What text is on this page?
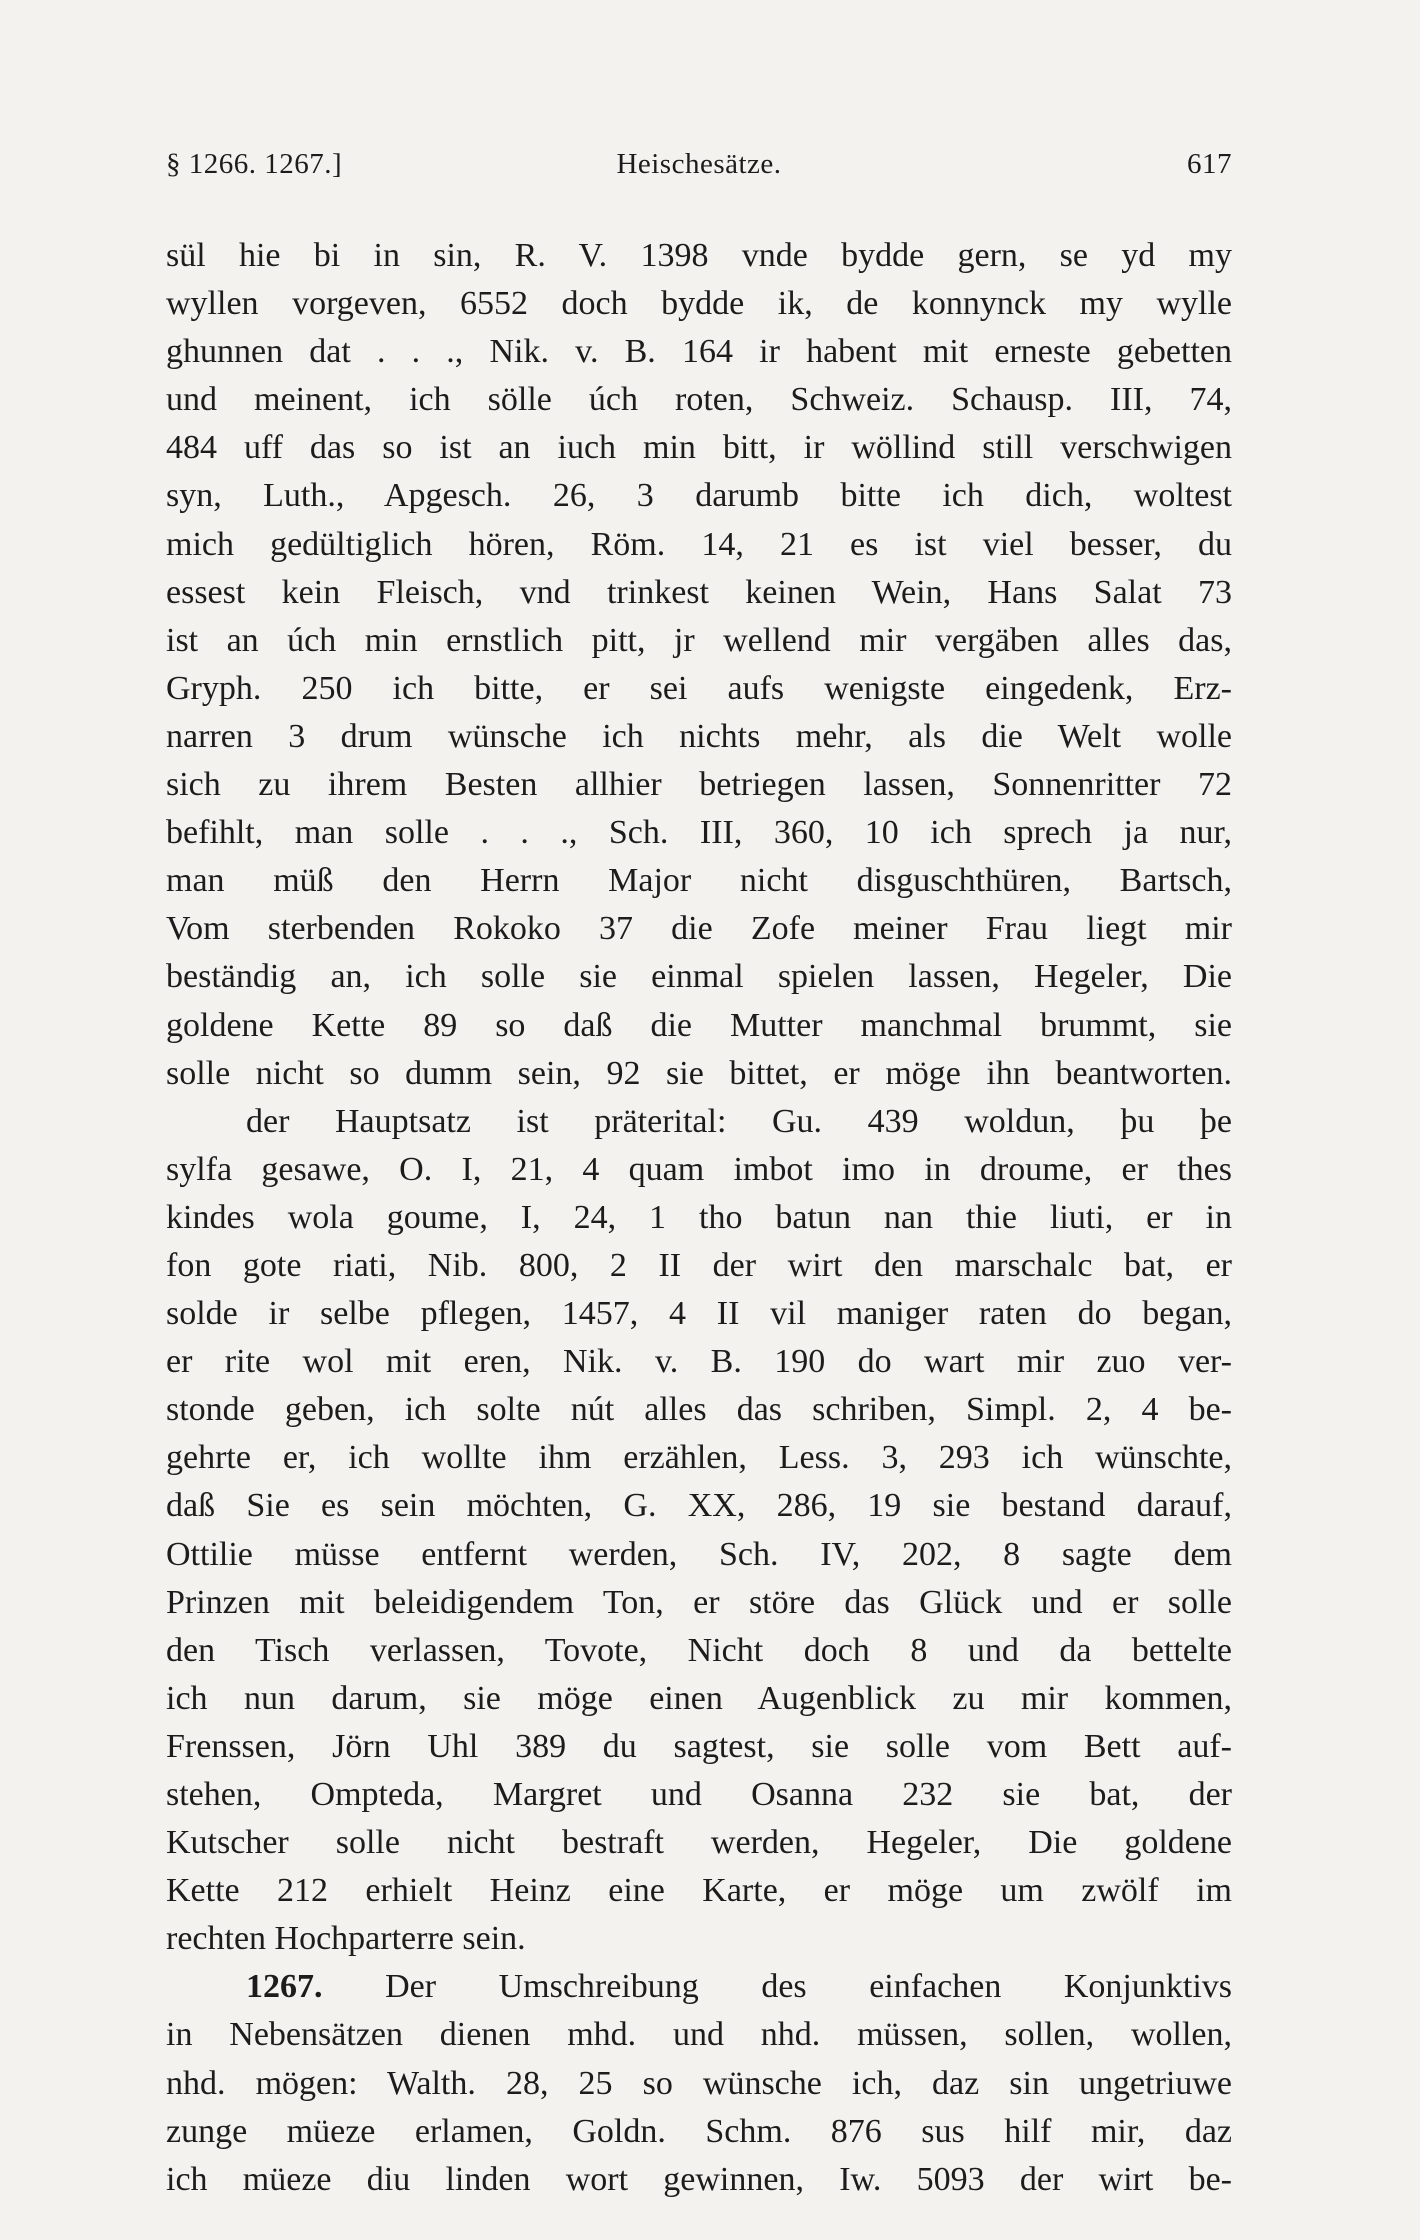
§ 1266. 1267.]	Heischesätze.	617
sül hie bi in sin, R. V. 1398 vnde bydde gern, se yd my
wyllen vorgeven, 6552 doch bydde ik, de konnynck my wylle
ghunnen dat . . ., Nik. v. B. 164 ir habent mit erneste gebetten
und meinent, ich sölle úch roten, Schweiz. Schausp. III, 74,
484 uff das so ist an iuch min bitt, ir wöllind still verschwigen
syn, Luth., Apgesch. 26, 3 darumb bitte ich dich, woltest
mich gedültiglich hören, Röm. 14, 21 es ist viel besser, du
essest kein Fleisch, vnd trinkest keinen Wein, Hans Salat 73
ist an úch min ernstlich pitt, jr wellend mir vergäben alles das,
Gryph. 250 ich bitte, er sei aufs wenigste eingedenk, Erz-
narren 3 drum wünsche ich nichts mehr, als die Welt wolle
sich zu ihrem Besten allhier betriegen lassen, Sonnenritter 72
befihlt, man solle . . ., Sch. III, 360, 10 ich sprech ja nur,
man müß den Herrn Major nicht disguschthüren, Bartsch,
Vom sterbenden Rokoko 37 die Zofe meiner Frau liegt mir
beständig an, ich solle sie einmal spielen lassen, Hegeler, Die
goldene Kette 89 so daß die Mutter manchmal brummt, sie
solle nicht so dumm sein, 92 sie bittet, er möge ihn beantworten.
der Hauptsatz ist präterital: Gu. 439 woldun, þu þe
sylfa gesawe, O. I, 21, 4 quam imbot imo in droume, er thes
kindes wola goume, I, 24, 1 tho batun nan thie liuti, er in
fon gote riati, Nib. 800, 2 II der wirt den marschalc bat, er
solde ir selbe pflegen, 1457, 4 II vil maniger raten do began,
er rite wol mit eren, Nik. v. B. 190 do wart mir zuo ver-
stonde geben, ich solte nút alles das schriben, Simpl. 2, 4 be-
gehrte er, ich wollte ihm erzählen, Less. 3, 293 ich wünschte,
daß Sie es sein möchten, G. XX, 286, 19 sie bestand darauf,
Ottilie müsse entfernt werden, Sch. IV, 202, 8 sagte dem
Prinzen mit beleidigendem Ton, er störe das Glück und er solle
den Tisch verlassen, Tovote, Nicht doch 8 und da bettelte
ich nun darum, sie möge einen Augenblick zu mir kommen,
Frenssen, Jörn Uhl 389 du sagtest, sie solle vom Bett auf-
stehen, Ompteda, Margret und Osanna 232 sie bat, der
Kutscher solle nicht bestraft werden, Hegeler, Die goldene
Kette 212 erhielt Heinz eine Karte, er möge um zwölf im
rechten Hochparterre sein.
1267. Der Umschreibung des einfachen Konjunktivs
in Nebensätzen dienen mhd. und nhd. müssen, sollen, wollen,
nhd. mögen: Walth. 28, 25 so wünsche ich, daz sin ungetriuwe
zunge müeze erlamen, Goldn. Schm. 876 sus hilf mir, daz
ich müeze diu linden wort gewinnen, Iw. 5093 der wirt be-
